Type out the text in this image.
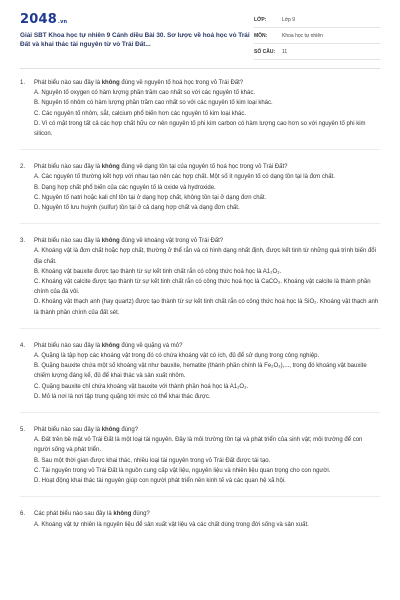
2048.vn
Giải SBT Khoa học tự nhiên 9 Cánh diều Bài 30. Sơ lược về hoá học vỏ Trái Đất và khai thác tài nguyên từ vỏ Trái Đất...
LỚP:	Lớp 9
MÔN:	Khoa học tự nhiên
SỐ CÂU:	11
1.	Phát biểu nào sau đây là không đúng về nguyên tố hoá học trong vỏ Trái Đất?
A. Nguyên tố oxygen có hàm lượng phần trăm cao nhất so với các nguyên tố khác.
B. Nguyên tố nhôm có hàm lượng phần trăm cao nhất so với các nguyên tố kim loại khác.
C. Các nguyên tố nhôm, sắt, calcium phổ biến hơn các nguyên tố kim loại khác.
D. Vì có mặt trong tất cả các hợp chất hữu cơ nên nguyên tố phi kim carbon có hàm lượng cao hơn so với nguyên tố phi kim silicon.
2.	Phát biểu nào sau đây là không đúng về dạng tồn tại của nguyên tố hoá học trong vỏ Trái Đất?
A. Các nguyên tố thường kết hợp với nhau tạo nên các hợp chất. Một số ít nguyên tố có dạng tồn tại là đơn chất.
B. Dạng hợp chất phổ biến của các nguyên tố là oxide và hydroxide.
C. Nguyên tố natri hoặc kali chỉ tồn tại ở dạng hợp chất, không tồn tại ở dạng đơn chất.
D. Nguyên tố lưu huỳnh (sulfur) tồn tại ở cả dạng hợp chất và dạng đơn chất.
3.	Phát biểu nào sau đây là không đúng về khoáng vật trong vỏ Trái Đất?
A. Khoáng vật là đơn chất hoặc hợp chất, thường ở thể rắn và có hình dạng nhất định, được kết tinh từ những quá trình biến đổi địa chất.
B. Khoáng vật bauxite được tạo thành từ sự kết tinh chất rắn có công thức hoá học là A1₂O₃.
C. Khoáng vật calcite được tạo thành từ sự kết tinh chất rắn có công thức hoá học là CaCO₃. Khoáng vật calcite là thành phần chính của đá vôi.
D. Khoáng vật thạch anh (hay quartz) được tạo thành từ sự kết tinh chất rắn có công thức hoá học là SiO₂. Khoáng vật thạch anh là thành phần chính của đất sét.
4.	Phát biểu nào sau đây là không đúng về quặng và mỏ?
A. Quặng là tập hợp các khoáng vật trong đó có chứa khoáng vật có ích, đủ để sử dụng trong công nghiệp.
B. Quặng bauxite chứa một số khoáng vật như bauxite, hematite (thành phần chính là Fe₂O₃),..., trong đó khoáng vật bauxite chiếm lượng đáng kể, đủ để khai thác và sản xuất nhôm.
C. Quặng bauxite chỉ chứa khoáng vật bauxite với thành phần hoá học là A1₂O₃.
D. Mỏ là nơi là nơi tập trung quặng tới mức có thể khai thác được.
5.	Phát biểu nào sau đây là không đúng?
A. Đất trên bề mặt vỏ Trái Đất là một loại tài nguyên. Đây là môi trường tồn tại và phát triển của sinh vật; môi trường để con người sống và phát triển.
B. Sau một thời gian được khai thác, nhiều loại tài nguyên trong vỏ Trái Đất được tái tạo.
C. Tài nguyên trong vỏ Trái Đất là nguồn cung cấp vật liệu, nguyên liệu và nhiên liệu quan trọng cho con người.
D. Hoạt động khai thác tài nguyên giúp con người phát triển nền kinh tế và các quan hệ xã hội.
6.	Các phát biểu nào sau đây là không đúng?
A. Khoáng vật tự nhiên là nguyên liệu để sản xuất vật liệu và các chất dùng trong đời sống và sản xuất.
